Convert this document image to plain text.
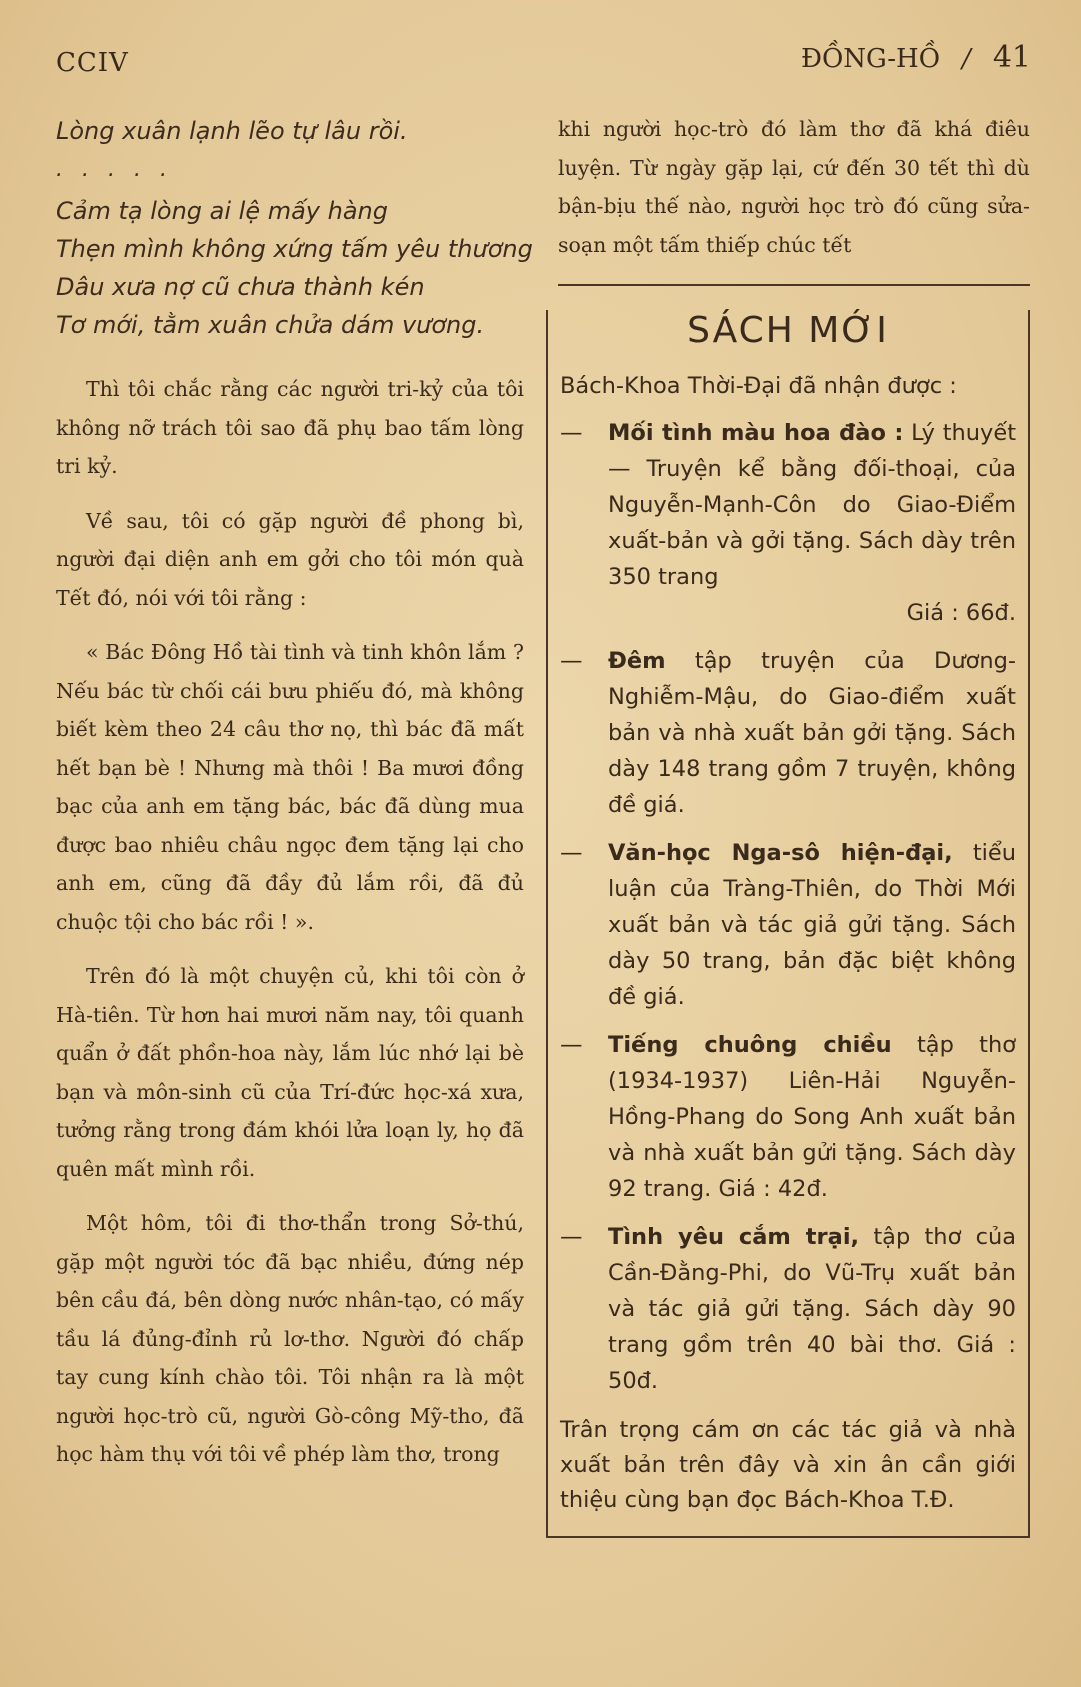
CCIV	ĐỒNG-HỒ / 41
Lòng xuân lạnh lẽo tự lâu rồi.
. . . . .
Cảm tạ lòng ai lệ mấy hàng
Thẹn mình không xứng tấm yêu thương
Dâu xưa nợ cũ chưa thành kén
Tơ mới, tằm xuân chửa dám vương.

Thì tôi chắc rằng các người tri-kỷ của tôi không nỡ trách tôi sao đã phụ bao tấm lòng tri kỷ.

Về sau, tôi có gặp người đề phong bì, người đại diện anh em gởi cho tôi món quà Tết đó, nói với tôi rằng :

« Bác Đông Hồ tài tình và tinh khôn lắm ? Nếu bác từ chối cái bưu phiếu đó, mà không biết kèm theo 24 câu thơ nọ, thì bác đã mất hết bạn bè ! Nhưng mà thôi ! Ba mươi đồng bạc của anh em tặng bác, bác đã dùng mua được bao nhiêu châu ngọc đem tặng lại cho anh em, cũng đã đầy đủ lắm rồi, đã đủ chuộc tội cho bác rồi ! ».

Trên đó là một chuyện củ, khi tôi còn ở Hà-tiên. Từ hơn hai mươi năm nay, tôi quanh quẩn ở đất phồn-hoa này, lắm lúc nhớ lại bè bạn và môn-sinh cũ của Trí-đức học-xá xưa, tưởng rằng trong đám khói lửa loạn ly, họ đã quên mất mình rồi.

Một hôm, tôi đi thơ-thẩn trong Sở-thú, gặp một người tóc đã bạc nhiều, đứng nép bên cầu đá, bên dòng nước nhân-tạo, có mấy tầu lá đủng-đỉnh rủ lơ-thơ. Người đó chấp tay cung kính chào tôi. Tôi nhận ra là một người học-trò cũ, người Gò-công Mỹ-tho, đã học hàm thụ với tôi về phép làm thơ, trong

khi người học-trò đó làm thơ đã khá điêu luyện. Từ ngày gặp lại, cứ đến 30 tết thì dù bận-bịu thế nào, người học trò đó cũng sửa-soạn một tấm thiếp chúc tết

SÁCH MỚI
Bách-Khoa Thời-Đại đã nhận được :
—	Mối tình màu hoa đào : Lý thuyết — Truyện kể bằng đối-thoại, của Nguyễn-Mạnh-Côn do Giao-Điểm xuất-bản và gởi tặng. Sách dày trên 350 trang
Giá : 66đ.
—	Đêm tập truyện của Dương-Nghiễm-Mậu, do Giao-điểm xuất bản và nhà xuất bản gởi tặng. Sách dày 148 trang gồm 7 truyện, không đề giá.
—	Văn-học Nga-sô hiện-đại, tiểu luận của Tràng-Thiên, do Thời Mới xuất bản và tác giả gửi tặng. Sách dày 50 trang, bản đặc biệt không đề giá.
—	Tiếng chuông chiều tập thơ (1934-1937) Liên-Hải Nguyễn-Hồng-Phang do Song Anh xuất bản và nhà xuất bản gửi tặng. Sách dày 92 trang. Giá : 42đ.
—	Tình yêu cắm trại, tập thơ của Cần-Đằng-Phi, do Vũ-Trụ xuất bản và tác giả gửi tặng. Sách dày 90 trang gồm trên 40 bài thơ. Giá : 50đ.
Trân trọng cám ơn các tác giả và nhà xuất bản trên đây và xin ân cần giới thiệu cùng bạn đọc Bách-Khoa T.Đ.
